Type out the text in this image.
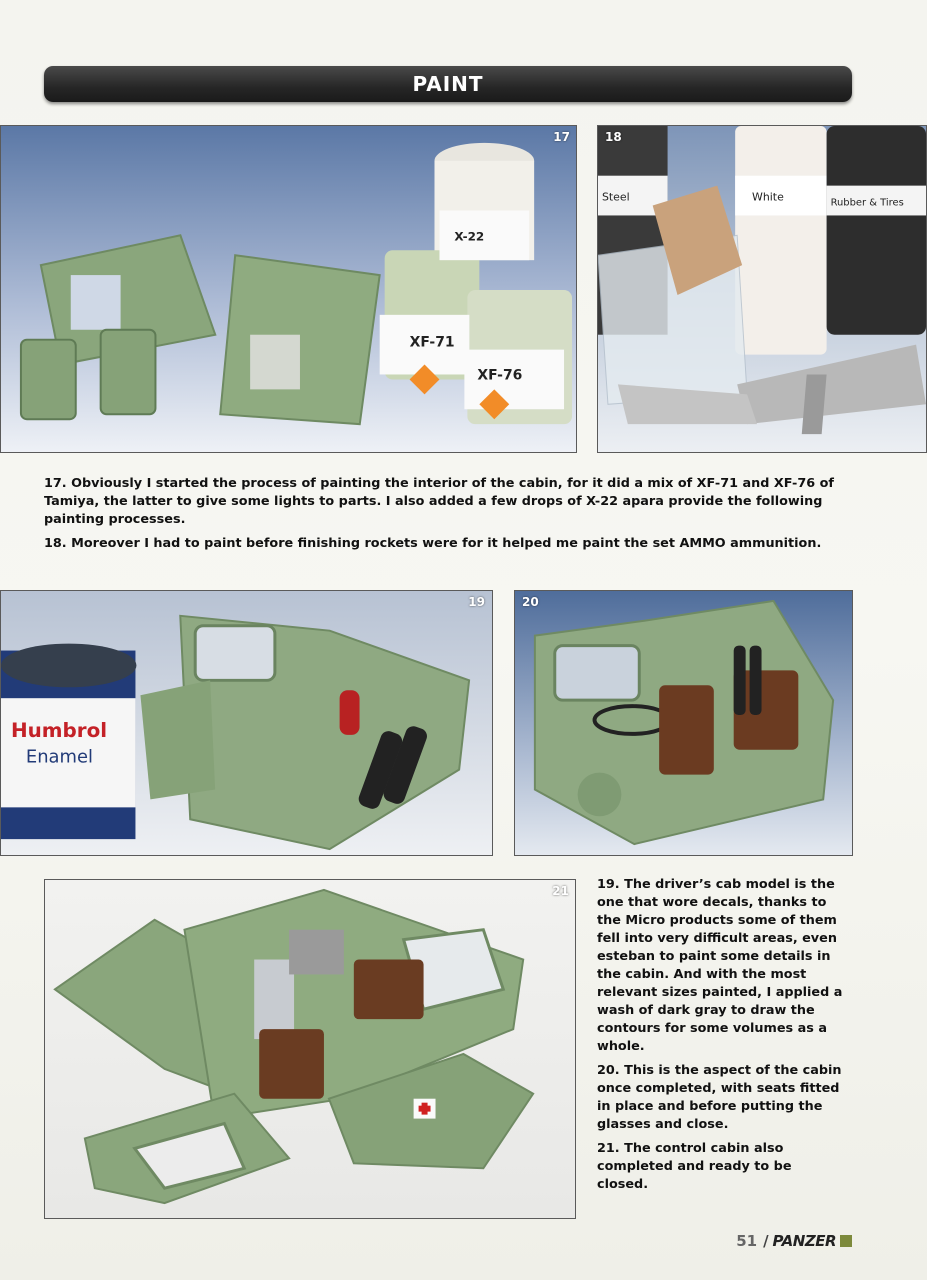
PAINT
X-22
XF-71
XF-76
17
Steel	White	Rubber & Tires
18

17. Obviously I started the process of painting the interior of the cabin, for it did a mix of XF-71 and XF-76 of Tamiya, the latter to give some lights to parts. I also added a few drops of X-22 apara provide the following painting processes.

18. Moreover I had to paint before finishing rockets were for it helped me paint the set AMMO ammunition.

Humbrol
Enamel
19	20
21 19. The driver’s cab model is the one that wore decals, thanks to the Micro products some of them fell into very difficult areas, even esteban to paint some details in the cabin. And with the most relevant sizes painted, I applied a wash of dark gray to draw the contours for some volumes as a whole.

20. This is the aspect of the cabin once completed, with seats fitted in place and before putting the glasses and close.

21. The control cabin also completed and ready to be closed.

51 / PANZER
